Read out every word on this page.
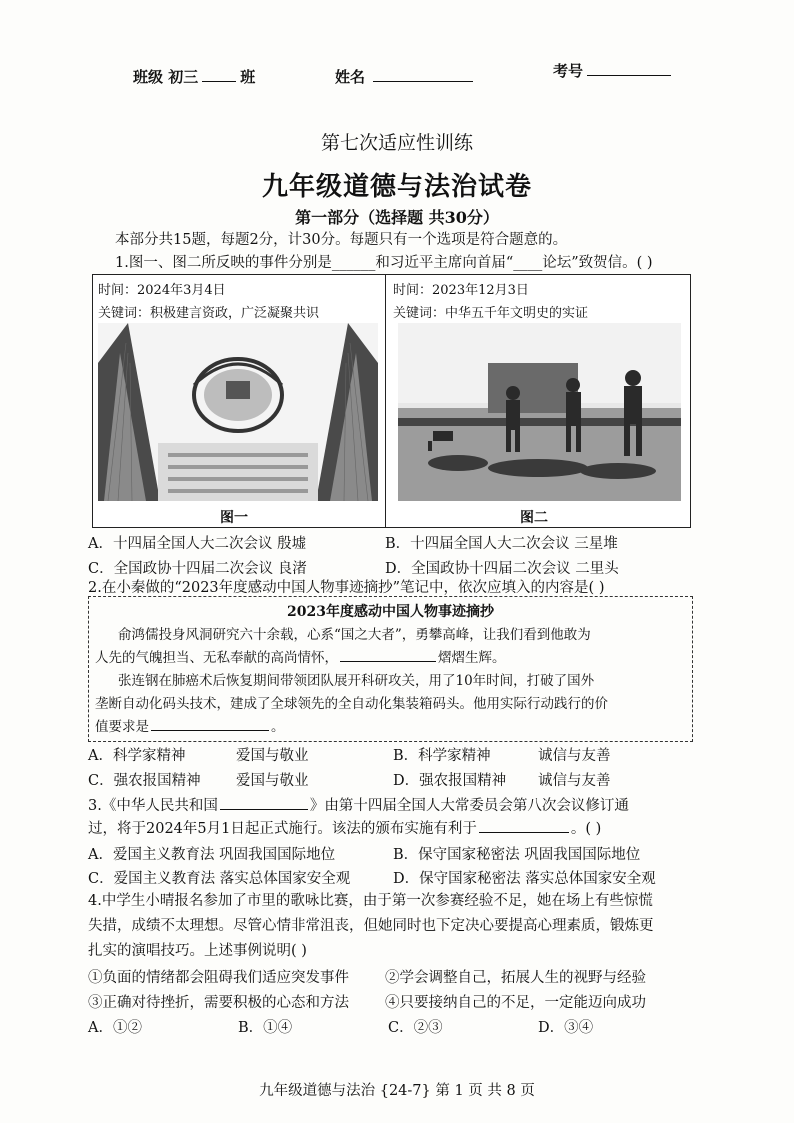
班级 初三	班	姓名	考号
第七次适应性训练
九年级道德与法治试卷
第一部分（选择题 共30分）
本部分共15题，每题2分，计30分。每题只有一个选项是符合题意的。
1.图一、图二所反映的事件分别是______和习近平主席向首届“____论坛”致贺信。( )
时间：2024年3月4日
关键词：积极建言资政，广泛凝聚共识
时间：2023年12月3日
关键词：中华五千年文明史的实证
图一	图二
A．十四届全国人大二次会议 殷墟	B．十四届全国人大二次会议 三星堆
C．全国政协十四届二次会议 良渚	D．全国政协十四届二次会议 二里头
2.在小秦做的“2023年度感动中国人物事迹摘抄”笔记中，依次应填入的内容是( )
2023年度感动中国人物事迹摘抄
俞鸿儒投身风洞研究六十余载，心系“国之大者”，勇攀高峰，让我们看到他敢为
人先的气魄担当、无私奉献的高尚情怀，	熠熠生辉。
张连钢在肺癌术后恢复期间带领团队展开科研攻关，用了10年时间，打破了国外
垄断自动化码头技术，建成了全球领先的全自动化集装箱码头。他用实际行动践行的价
值要求是	。
A．科学家精神	爱国与敬业	B．科学家精神	诚信与友善
C．强农报国精神 爱国与敬业	D．强农报国精神 诚信与友善
3.《中华人民共和国	》由第十四届全国人大常委员会第八次会议修订通
过，将于2024年5月1日起正式施行。该法的颁布实施有利于	。( )
A．爱国主义教育法 巩固我国国际地位	B．保守国家秘密法 巩固我国国际地位
C．爱国主义教育法 落实总体国家安全观	D．保守国家秘密法 落实总体国家安全观
4.中学生小晴报名参加了市里的歌咏比赛，由于第一次参赛经验不足，她在场上有些惊慌
失措，成绩不太理想。尽管心情非常沮丧，但她同时也下定决心要提高心理素质，锻炼更
扎实的演唱技巧。上述事例说明( )
①负面的情绪都会阻碍我们适应突发事件 ②学会调整自己，拓展人生的视野与经验
③正确对待挫折，需要积极的心态和方法 ④只要接纳自己的不足，一定能迈向成功
A．①②	B．①④	C．②③	D．③④
九年级道德与法治 {24-7} 第 1 页 共 8 页
